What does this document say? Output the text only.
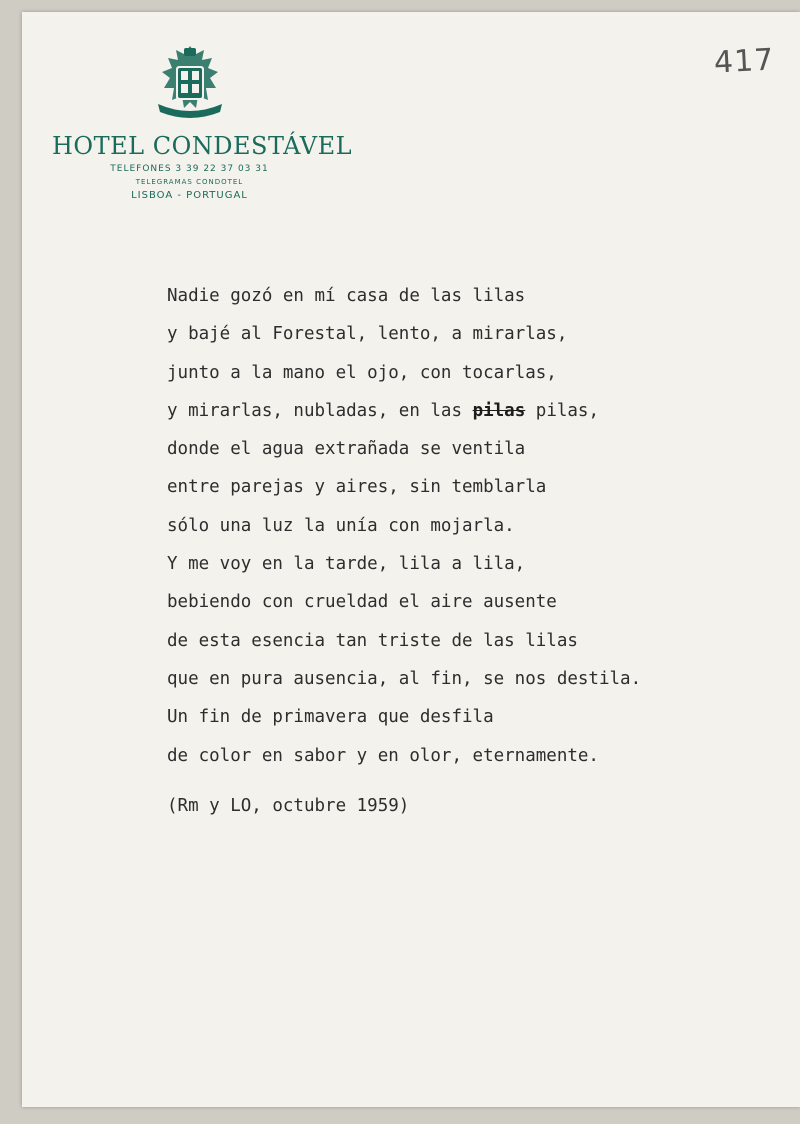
HOTEL CONDESTÁVEL
TELEFONES 3 39 22 37 03 31
TELEGRAMAS CONDOTEL
LISBOA - PORTUGAL
417
Nadie gozó en mí casa de las lilas
y bajé al Forestal, lento, a mirarlas,
junto a la mano el ojo, con tocarlas,
y mirarlas, nubladas, en las pilas pilas,
donde el agua extrañada se ventila
entre parejas y aires, sin temblarla
sólo una luz la unía con mojarla.
Y me voy en la tarde, lila a lila,
bebiendo con crueldad el aire ausente
de esta esencia tan triste de las lilas
que en pura ausencia, al fin, se nos destila.
Un fin de primavera que desfila
de color en sabor y en olor, eternamente.
(Rm y LO, octubre 1959)
